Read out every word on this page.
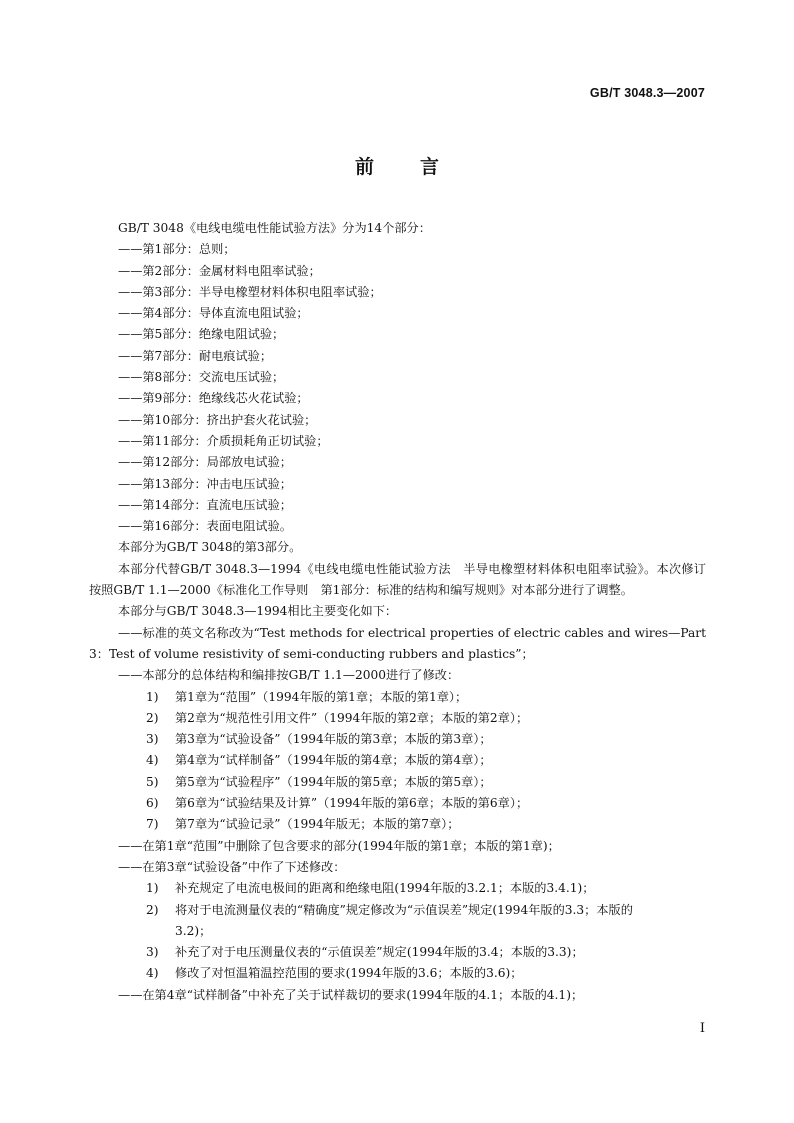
GB/T 3048.3—2007
前言
GB/T 3048《电线电缆电性能试验方法》分为14个部分：
——第1部分：总则；
——第2部分：金属材料电阻率试验；
——第3部分：半导电橡塑材料体积电阻率试验；
——第4部分：导体直流电阻试验；
——第5部分：绝缘电阻试验；
——第7部分：耐电痕试验；
——第8部分：交流电压试验；
——第9部分：绝缘线芯火花试验；
——第10部分：挤出护套火花试验；
——第11部分：介质损耗角正切试验；
——第12部分：局部放电试验；
——第13部分：冲击电压试验；
——第14部分：直流电压试验；
——第16部分：表面电阻试验。
本部分为GB/T 3048的第3部分。
本部分代替GB/T 3048.3—1994《电线电缆电性能试验方法　半导电橡塑材料体积电阻率试验》。本次修订按照GB/T 1.1—2000《标准化工作导则　第1部分：标准的结构和编写规则》对本部分进行了调整。
本部分与GB/T 3048.3—1994相比主要变化如下：
——标准的英文名称改为“Test methods for electrical properties of electric cables and wires—Part 3：Test of volume resistivity of semi-conducting rubbers and plastics”；
——本部分的总体结构和编排按GB/T 1.1—2000进行了修改：
1) 第1章为“范围”（1994年版的第1章；本版的第1章）；
2) 第2章为“规范性引用文件”（1994年版的第2章；本版的第2章）；
3) 第3章为“试验设备”（1994年版的第3章；本版的第3章）；
4) 第4章为“试样制备”（1994年版的第4章；本版的第4章）；
5) 第5章为“试验程序”（1994年版的第5章；本版的第5章）；
6) 第6章为“试验结果及计算”（1994年版的第6章；本版的第6章）；
7) 第7章为“试验记录”（1994年版无；本版的第7章）；
——在第1章“范围”中删除了包含要求的部分(1994年版的第1章；本版的第1章)；
——在第3章“试验设备”中作了下述修改：
1) 补充规定了电流电极间的距离和绝缘电阻(1994年版的3.2.1；本版的3.4.1)；
2) 将对于电流测量仪表的“精确度”规定修改为“示值误差”规定(1994年版的3.3；本版的
3.2)；
3) 补充了对于电压测量仪表的“示值误差”规定(1994年版的3.4；本版的3.3)；
4) 修改了对恒温箱温控范围的要求(1994年版的3.6；本版的3.6)；
——在第4章“试样制备”中补充了关于试样裁切的要求(1994年版的4.1；本版的4.1)；
I
